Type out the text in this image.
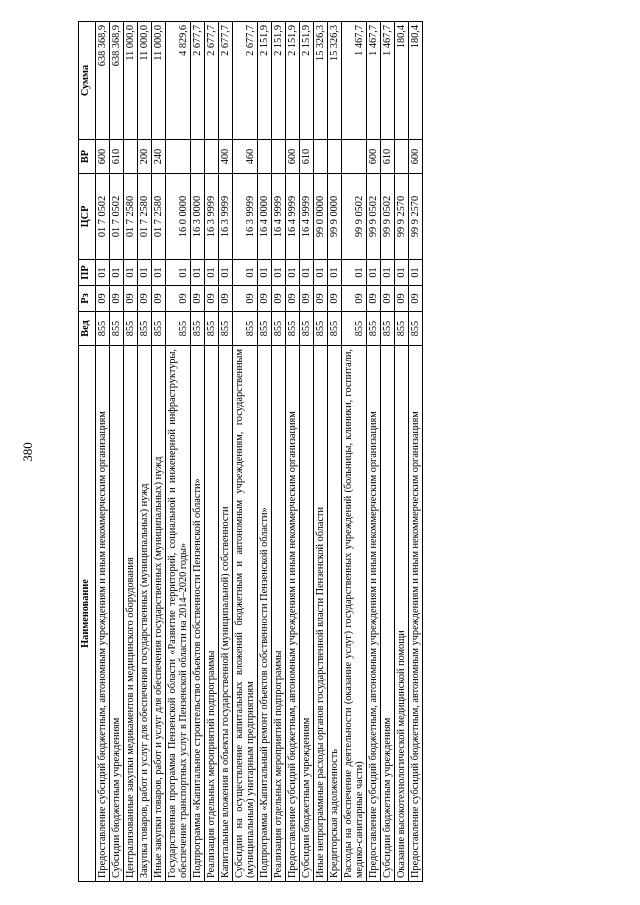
380
Наименование	Вед	Рз	ПР	ЦСР	ВР	Сумма
Предоставление субсидий бюджетным, автономным учреждениям и иным некоммерческим организациям	855	09	01	01 7 0502	600	638 368,9
Субсидии бюджетным учреждениям	855	09	01	01 7 0502	610	638 368,9
Централизованные закупки медикаментов и медицинского оборудования	855	09	01	01 7 2580		11 000,0
Закупка товаров, работ и услуг для обеспечения государственных (муниципальных) нужд	855	09	01	01 7 2580	200	11 000,0
Иные закупки товаров, работ и услуг для обеспечения государственных (муниципальных) нужд	855	09	01	01 7 2580	240	11 000,0
Государственная программа Пензенской области «Развитие территорий, социальной и инженерной инфраструктуры, обеспечение транспортных услуг в Пензенской области на 2014–2020 годы»	855	09	01	16 0 0000		4 829,6
Подпрограмма «Капитальное строительство объектов собственности Пензенской области»	855	09	01	16 3 0000		2 677,7
Реализация отдельных мероприятий подпрограммы	855	09	01	16 3 9999		2 677,7
Капитальные вложения в объекты государственной (муниципальной) собственности	855	09	01	16 3 9999	400	2 677,7
Субсидии на осуществление капитальных вложений бюджетным и автономным учреждениям, государственным (муниципальным) унитарным предприятиям	855	09	01	16 3 9999	460	2 677,7
Подпрограмма «Капитальный ремонт объектов собственности Пензенской области»	855	09	01	16 4 0000		2 151,9
Реализация отдельных мероприятий подпрограммы	855	09	01	16 4 9999		2 151,9
Предоставление субсидий бюджетным, автономным учреждениям и иным некоммерческим организациям	855	09	01	16 4 9999	600	2 151,9
Субсидии бюджетным учреждениям	855	09	01	16 4 9999	610	2 151,9
Иные непрограммные расходы органов государственной власти Пензенской области	855	09	01	99 0 0000		15 326,3
Кредиторская задолженность	855	09	01	99 9 0000		15 326,3
Расходы на обеспечение деятельности (оказание услуг) государственных учреждений (больницы, клиники, госпитали, медико-санитарные части)	855	09	01	99 9 0502		1 467,7
Предоставление субсидий бюджетным, автономным учреждениям и иным некоммерческим организациям	855	09	01	99 9 0502	600	1 467,7
Субсидии бюджетным учреждениям	855	09	01	99 9 0502	610	1 467,7
Оказание высокотехнологической медицинской помощи	855	09	01	99 9 2570		180,4
Предоставление субсидий бюджетным, автономным учреждениям и иным некоммерческим организациям	855	09	01	99 9 2570	600	180,4
